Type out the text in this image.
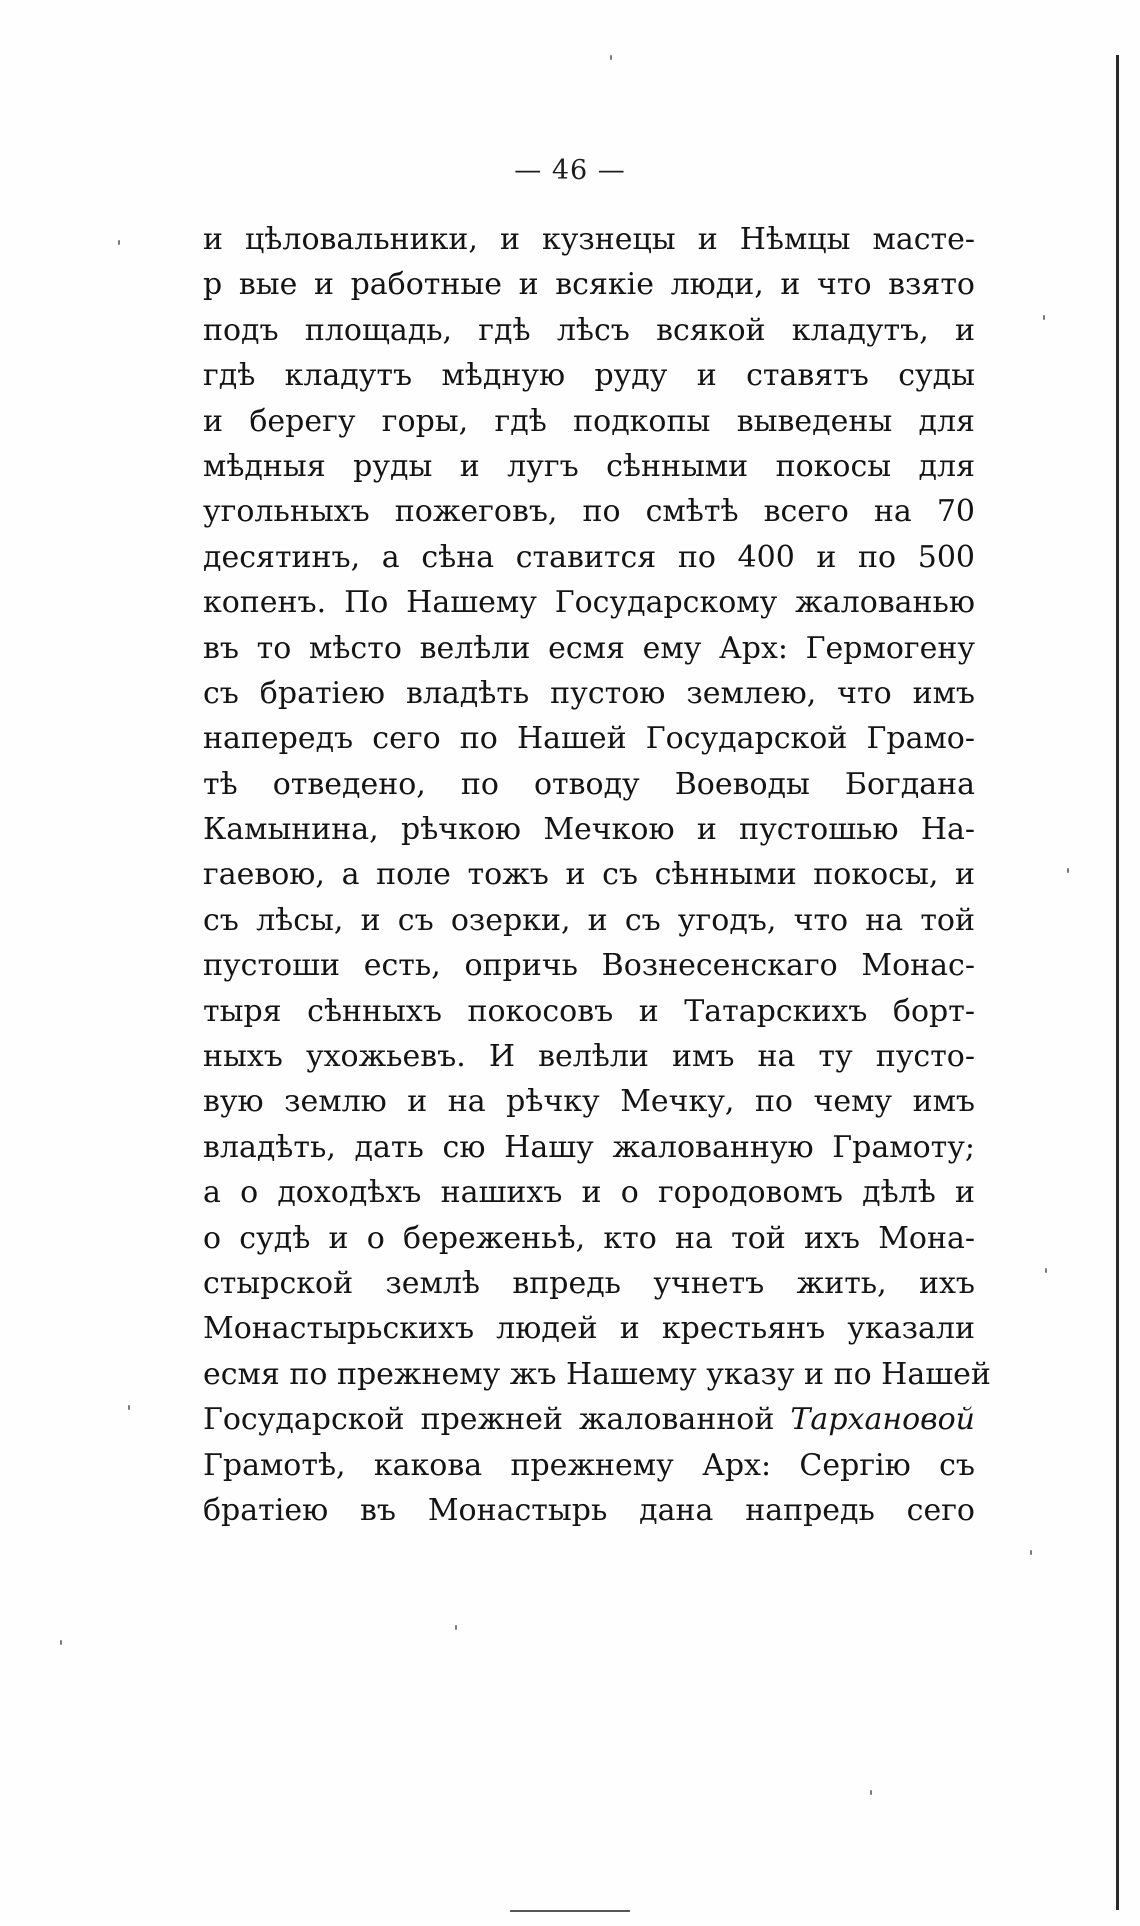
— 46 —
и цѣловальники, и кузнецы и Нѣмцы масте-
р вые и работные и всякіе люди, и что взято
подъ площадь, гдѣ лѣсъ всякой кладутъ, и
гдѣ кладутъ мѣдную руду и ставятъ суды
и берегу горы, гдѣ подкопы выведены для
мѣдныя руды и лугъ сѣнными покосы для
угольныхъ пожеговъ, по смѣтѣ всего на 70
десятинъ, а сѣна ставится по 400 и по 500
копенъ. По Нашему Государскому жалованью
въ то мѣсто велѣли есмя ему Арх: Гермогену
съ братіею владѣть пустою землею, что имъ
напередъ сего по Нашей Государской Грамо-
тѣ отведено, по отводу Воеводы Богдана
Камынина, рѣчкою Мечкою и пустошью На-
гаевою, а поле тожъ и съ сѣнными покосы, и
съ лѣсы, и съ озерки, и съ угодъ, что на той
пустоши есть, опричь Вознесенскаго Монас-
тыря сѣнныхъ покосовъ и Татарскихъ борт-
ныхъ ухожьевъ. И велѣли имъ на ту пусто-
вую землю и на рѣчку Мечку, по чему имъ
владѣть, дать сю Нашу жалованную Грамоту;
а о доходѣхъ нашихъ и о городовомъ дѣлѣ и
о судѣ и о береженьѣ, кто на той ихъ Мона-
стырской землѣ впредь учнетъ жить, ихъ
Монастырьскихъ людей и крестьянъ указали
есмя по прежнему жъ Нашему указу и по Нашей
Государской прежней жалованной Тархановой
Грамотѣ, какова прежнему Арх: Сергію съ
братіею въ Монастырь дана напредь сего
